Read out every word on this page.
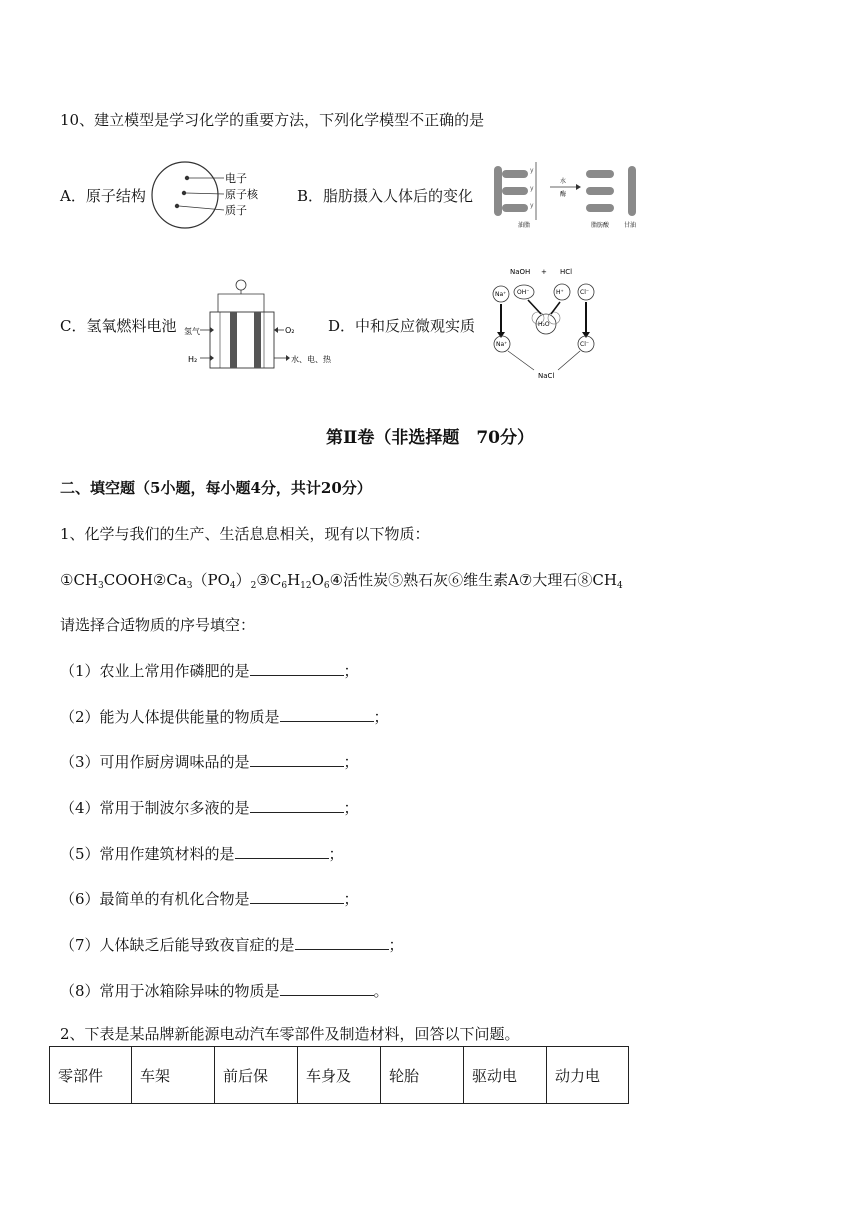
10、建立模型是学习化学的重要方法，下列化学模型不正确的是
A．原子结构
电子
原子核
质子
B．脂肪摄入人体后的变化
y
y
y
水
酶
油脂	脂肪酸 甘油
C．氢氧燃料电池 氢气	O₂
H₂	水、电、热
D．中和反应微观实质
NaOH + HCl
Na⁺ OH⁻	H⁺	Cl⁻
H₂O
Na⁺	Cl⁻
NaCl
第Ⅱ卷（非选择题　70分）
二、填空题（5小题，每小题4分，共计20分）
1、化学与我们的生产、生活息息相关，现有以下物质：
$①CH_3COOH②Ca_3(PO_4)_2③C_6H_{12}O_6④$活性炭⑤熟石灰⑥维生素A⑦大理石$⑧CH_4$
请选择合适物质的序号填空：
（1）农业上常用作磷肥的是	；
（2）能为人体提供能量的物质是	；
（3）可用作厨房调味品的是	；
（4）常用于制波尔多液的是	；
（5）常用作建筑材料的是	；
（6）最简单的有机化合物是	；
（7）人体缺乏后能导致夜盲症的是	；
（8）常用于冰箱除异味的物质是	。
2、下表是某品牌新能源电动汽车零部件及制造材料，回答以下问题。
零部件	车架	前后保	车身及	轮胎	驱动电	动力电
